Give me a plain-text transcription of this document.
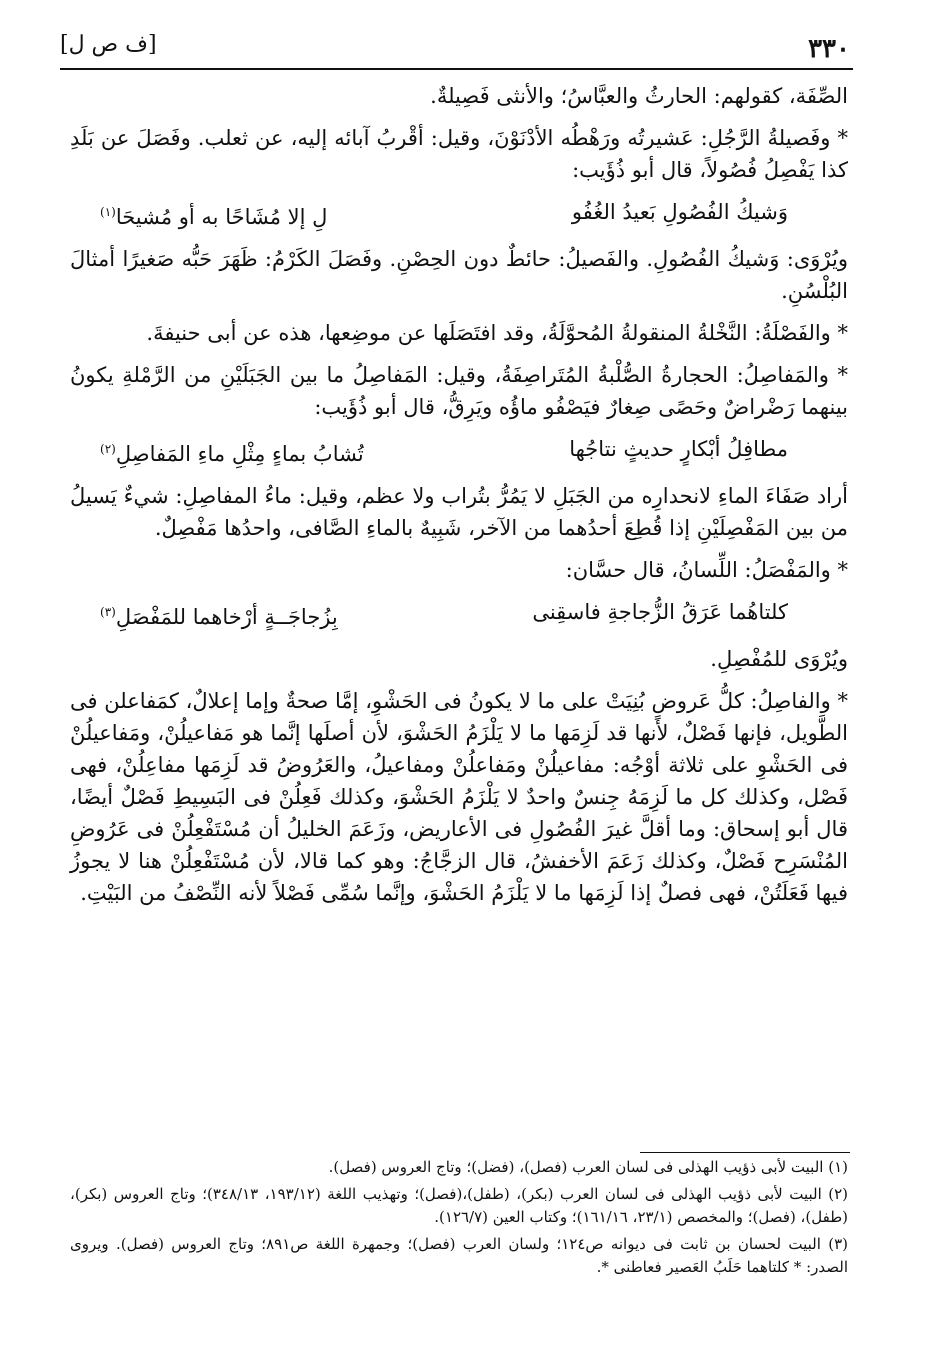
٣٣٠
[ف ص ل]

الصِّفَة، كقولهم: الحارثُ والعبَّاسُ؛ والأنثى فَصِيلةٌ.

* وفَصيلةُ الرَّجُلِ: عَشيرتُه ورَهْطُه الأدْنَوْنَ، وقيل: أقْربُ آبائه إليه، عن ثعلب. وفَصَلَ عن بَلَدِ كذا يَفْصِلُ فُصُولاً، قال أبو ذُؤَيب:

وَشيكُ الفُصُولِ بَعيدُ الغُفُو
لِ إلا مُشَاحًا به أو مُشيحَا$^{(١)}$

ويُرْوَى: وَشيكُ الفُصُولِ. والفَصيلُ: حائطٌ دون الحِصْنِ. وفَصَلَ الكَرْمُ: ظَهَرَ حَبُّه صَغيرًا أمثالَ البُلْسُنِ.

* والفَصْلَةُ: النَّخْلةُ المنقولةُ المُحوَّلَةُ، وقد افتَصَلَها عن موضِعها، هذه عن أبى حنيفةَ.

* والمَفاصِلُ: الحجارةُ الصُّلْبةُ المُتَراصِفَةُ، وقيل: المَفاصِلُ ما بين الجَبَلَيْنِ من الرَّمْلةِ يكونُ بينهما رَضْراضٌ وحَصًى صِغارٌ فيَصْفُو ماؤُه ويَرِقُّ، قال أبو ذُؤَيب:

مطافِلُ أبْكارٍ حديثٍ نتاجُها
تُشابُ بماءٍ مِثْلِ ماءِ المَفاصِلِ$^{(٢)}$

أراد صَفَاءَ الماءِ لانحدارِه من الجَبَلِ لا يَمُرُّ بتُراب ولا عظم، وقيل: ماءُ المفاصِلِ: شيءٌ يَسيلُ من بين المَفْصِلَيْنِ إذا قُطِعَ أحدُهما من الآخر، شَبِيهٌ بالماءِ الصَّافى، واحدُها مَفْصِلٌ.

* والمَفْصَلُ: اللِّسانُ، قال حسَّان:

كلتاهُما عَرَقُ الزُّجاجةِ فاسقِنى
بِزُجاجَــةٍ أرْخاهما للمَفْصَلِ$^{(٣)}$

ويُرْوَى للمُفْصِلِ.

* والفاصِلُ: كلُّ عَروضٍ بُنِيَتْ على ما لا يكونُ فى الحَشْوِ، إمَّا صحةٌ وإما إعلالٌ، كمَفاعلن فى الطَّويل، فإنها فَصْلٌ، لأنها قد لَزِمَها ما لا يَلْزَمُ الحَشْوَ، لأن أصلَها إنَّما هو مَفاعيلُنْ، ومَفاعيلُنْ فى الحَشْوِ على ثلاثة أوْجُه: مفاعيلُنْ ومَفاعلُنْ ومفاعيلُ، والعَرُوضُ قد لَزِمَها مفاعِلُنْ، فهى فَصْل، وكذلك كل ما لَزِمَهُ جِنسٌ واحدٌ لا يَلْزَمُ الحَشْوَ، وكذلك فَعِلُنْ فى البَسِيطِ فَصْلٌ أيضًا، قال أبو إسحاق: وما أقلَّ غيرَ الفُصُولِ فى الأعاريض، وزَعَمَ الخليلُ أن مُسْتَفْعِلُنْ فى عَرُوضِ المُنْسَرِح فَصْلٌ، وكذلك زَعَمَ الأخفشُ، قال الزجَّاجُ: وهو كما قالا، لأن مُسْتَفْعِلُنْ هنا لا يجوزُ فيها فَعَلَتُنْ، فهى فصلٌ إذا لَزِمَها ما لا يَلْزَمُ الحَشْوَ، وإنَّما سُمِّى فَصْلاً لأنه النِّصْفُ من البَيْتِ.

(١) البيت لأبى ذؤيب الهذلى فى لسان العرب (فصل)، (فضل)؛ وتاج العروس (فصل).

(٢) البيت لأبى ذؤيب الهذلى فى لسان العرب (بكر)، (طفل)،(فصل)؛ وتهذيب اللغة (١٩٣/١٢، ٣٤٨/١٣)؛ وتاج العروس (بكر)، (طفل)، (فصل)؛ والمخصص (٢٣/١، ١٦١/١٦)؛ وكتاب العين (١٢٦/٧).

(٣) البيت لحسان بن ثابت فى ديوانه ص١٢٤؛ ولسان العرب (فصل)؛ وجمهرة اللغة ص٨٩١؛ وتاج العروس (فصل). ويروى الصدر: * كلتاهما حَلَبُ العَصير فعاطنى *.
